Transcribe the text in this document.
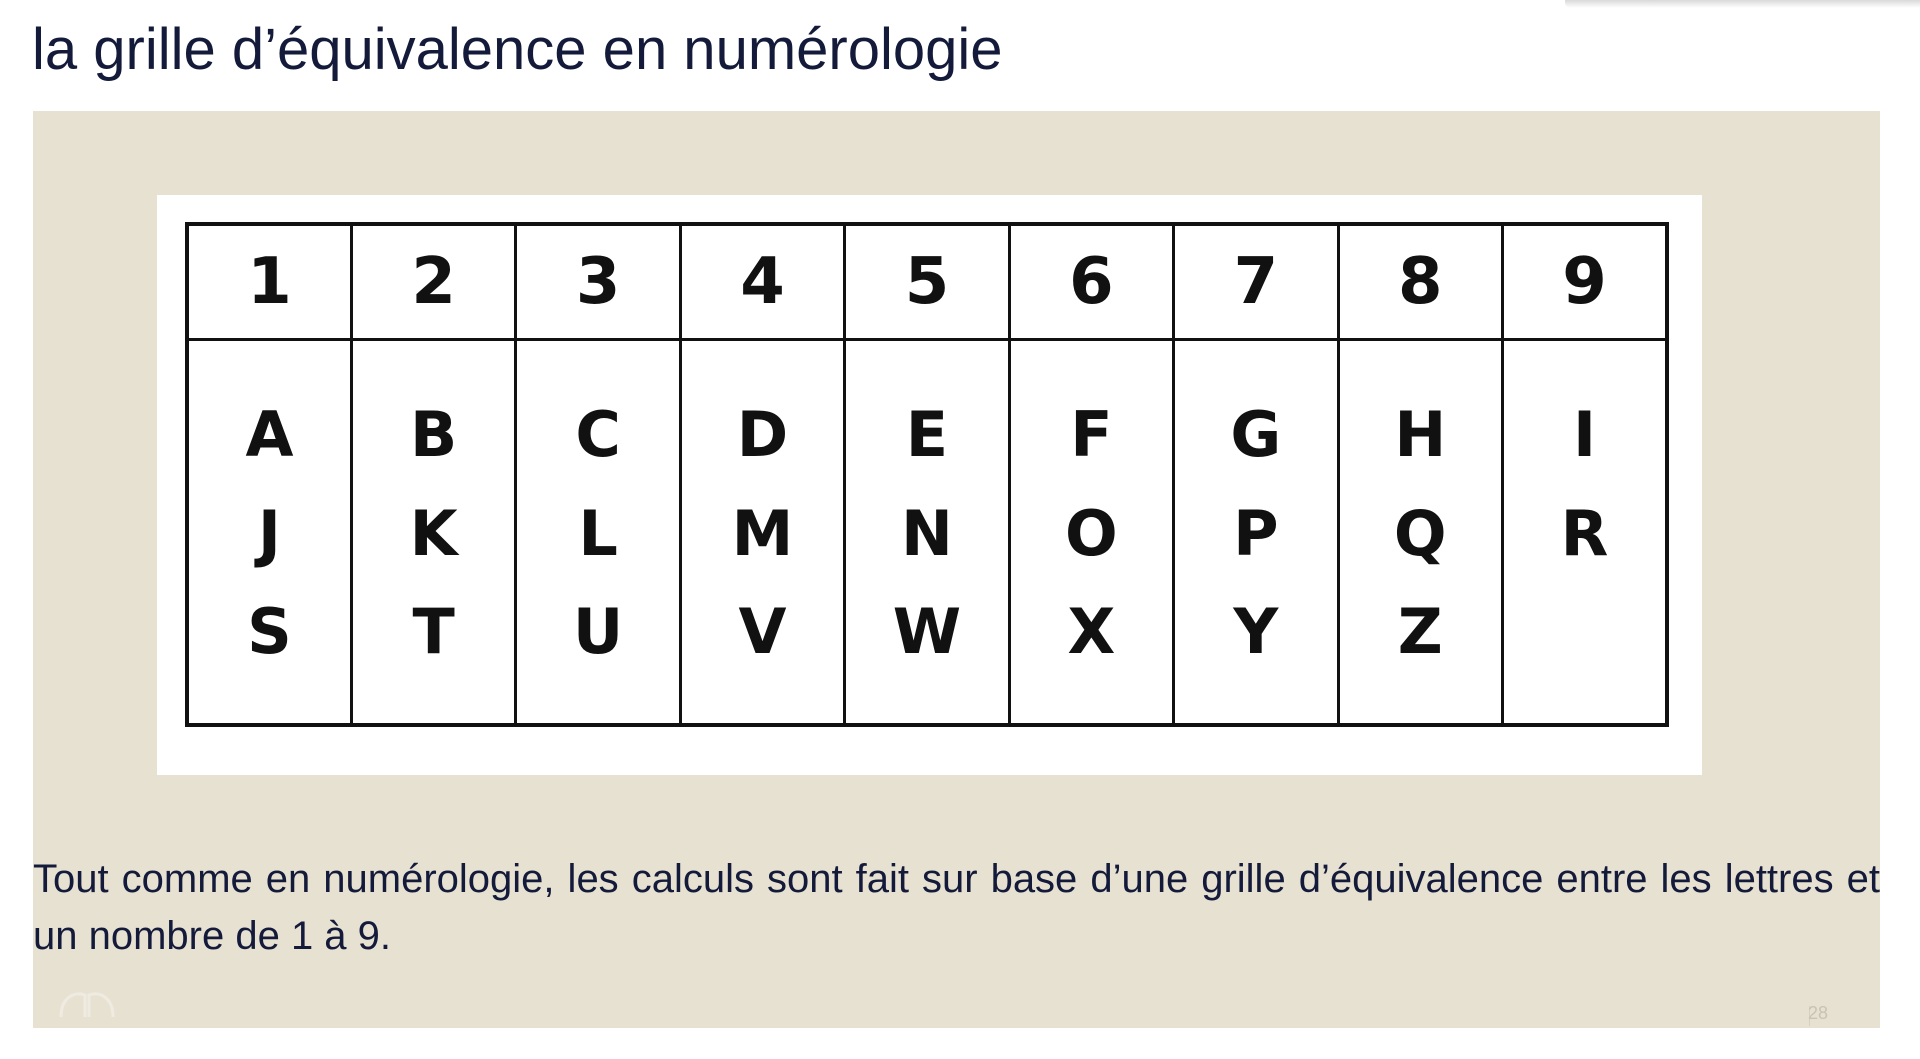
la grille d’équivalence en numérologie
1	2	3	4	5	6	7	8	9
A	B	C	D	E	F	G	H	I
J	K	L	M	N	O	P	Q	R
S	T	U	V	W	X	Y	Z	

Tout comme en numérologie, les calculs sont fait sur base d’une grille d’équivalence entre les lettres et un nombre de 1 à 9.

28
